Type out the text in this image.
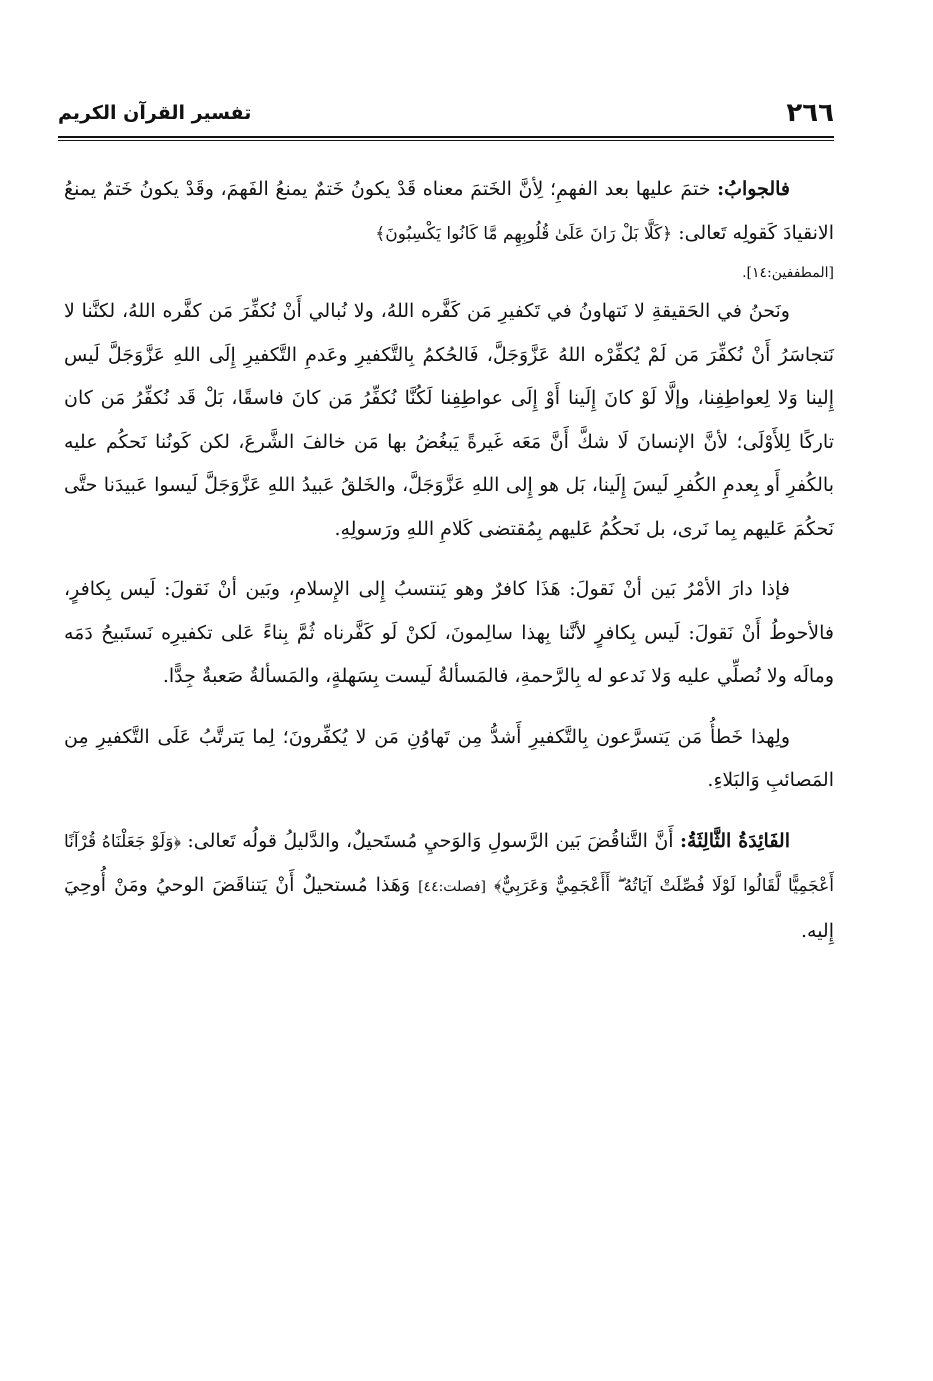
٢٦٦
تفسير القرآن الكريم

فالجوابُ: ختمَ عليها بعد الفهمِ؛ لِأنَّ الخَتمَ معناه قَدْ يكونُ خَتمٌ يمنعُ الفَهمَ، وقَدْ يكونُ خَتمٌ يمنعُ الانقيادَ كَقولِه تَعالى: ﴿كَلَّا بَلْ رَانَ عَلَىٰ قُلُوبِهِم مَّا كَانُوا يَكْسِبُونَ﴾

[المطففين:١٤].

ونَحنُ في الحَقيقةِ لا نَتهاونُ في تَكفيرِ مَن كَفَّره اللهُ، ولا نُبالي أَنْ نُكفِّرَ مَن كفَّره اللهُ، لكنَّنا لا نَتجاسَرُ أَنْ نُكفِّرَ مَن لَمْ يُكفِّرْه اللهُ عَزَّوَجَلَّ، فَالحُكمُ بِالتَّكفيرِ وعَدمِ التَّكفيرِ إِلَى اللهِ عَزَّوَجَلَّ لَيس إِلينا وَلا لِعواطِفِنا، وإلَّا لَوْ كانَ إِلَينا أَوْ إِلَى عواطِفِنا لَكُنَّا نُكفِّرُ مَن كانَ فاسقًا، بَلْ قَد نُكفِّرُ مَن كان تاركًا لِلأَوْلَى؛ لأنَّ الإنسانَ لَا شكَّ أَنَّ مَعَه غَيرةً يَبغُضُ بها مَن خالفَ الشَّرعَ، لكن كَونُنا نَحكُم عليه بالكُفرِ أَو بِعدمِ الكُفرِ لَيسَ إِلَينا، بَل هو إِلى اللهِ عَزَّوَجَلَّ، والخَلقُ عَبيدُ اللهِ عَزَّوَجَلَّ لَيسوا عَبيدَنا حتَّى نَحكُمَ عَليهم بِما نَرى، بل نَحكُمُ عَليهم بِمُقتضى كَلامِ اللهِ ورَسولِهِ.

فإذا دارَ الأمْرُ بَين أنْ نَقولَ: هَذَا كافرٌ وهو يَنتسبُ إِلى الإِسلامِ، وبَين أنْ نَقولَ: لَيس بِكافرٍ، فالأحوطُ أَنْ نَقولَ: لَيس بِكافرٍ لأنَّنا بِهذا سالِمونَ، لَكنْ لَو كَفَّرناه ثُمَّ بِناءً عَلى تكفيرِه نَستَبيحُ دَمَه ومالَه ولا نُصلِّي عليه وَلا نَدعو له بِالرَّحمةِ، فالمَسألةُ لَيست بِسَهلةٍ، والمَسألةُ صَعبةٌ جِدًّا.

ولِهذا خَطأُ مَن يَتسرَّعون بِالتَّكفيرِ أَشدُّ مِن تَهاوُنِ مَن لا يُكفِّرونَ؛ لِما يَترتَّبُ عَلَى التَّكفيرِ مِن المَصائبِ وَالبَلاءِ.

الفَائِدَةُ الثَّالِثَةُ: أَنَّ التَّناقُضَ بَين الرَّسولِ وَالوَحيِ مُستَحيلٌ، والدَّليلُ قولُه تَعالى: ﴿وَلَوْ جَعَلْنَاهُ قُرْآنًا أَعْجَمِيًّا لَّقَالُوا لَوْلَا فُصِّلَتْ آيَاتُهُ ۖ أَأَعْجَمِيٌّ وَعَرَبِيٌّ﴾ [فصلت:٤٤] وَهَذا مُستحيلٌ أَنْ يَتناقَضَ الوحيُ ومَنْ أُوحِيَ إِليه.
